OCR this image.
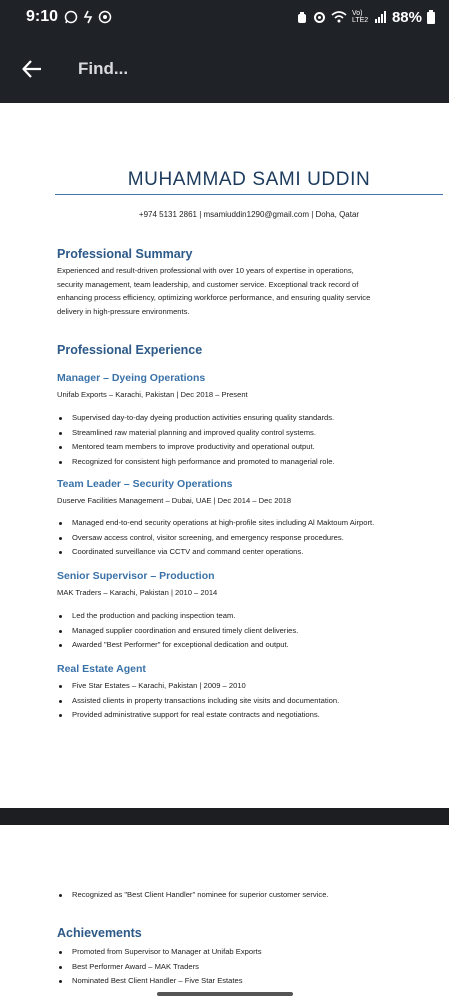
9:10	Vo) LTE2 88%
Find...
MUHAMMAD SAMI UDDIN
+974 5131 2861 | msamiuddin1290@gmail.com | Doha, Qatar
Professional Summary
Experienced and result-driven professional with over 10 years of expertise in operations,
security management, team leadership, and customer service. Exceptional track record of
enhancing process efficiency, optimizing workforce performance, and ensuring quality service
delivery in high-pressure environments.
Professional Experience
Manager – Dyeing Operations
Unifab Exports – Karachi, Pakistan | Dec 2018 – Present
Supervised day-to-day dyeing production activities ensuring quality standards.
Streamlined raw material planning and improved quality control systems.
Mentored team members to improve productivity and operational output.
Recognized for consistent high performance and promoted to managerial role.
Team Leader – Security Operations
Duserve Facilities Management – Dubai, UAE | Dec 2014 – Dec 2018
Managed end-to-end security operations at high-profile sites including Al Maktoum Airport.
Oversaw access control, visitor screening, and emergency response procedures.
Coordinated surveillance via CCTV and command center operations.
Senior Supervisor – Production
MAK Traders – Karachi, Pakistan | 2010 – 2014
Led the production and packing inspection team.
Managed supplier coordination and ensured timely client deliveries.
Awarded "Best Performer" for exceptional dedication and output.
Real Estate Agent
Five Star Estates – Karachi, Pakistan | 2009 – 2010
Assisted clients in property transactions including site visits and documentation.
Provided administrative support for real estate contracts and negotiations.
Recognized as "Best Client Handler" nominee for superior customer service.
Achievements
Promoted from Supervisor to Manager at Unifab Exports
Best Performer Award – MAK Traders
Nominated Best Client Handler – Five Star Estates
